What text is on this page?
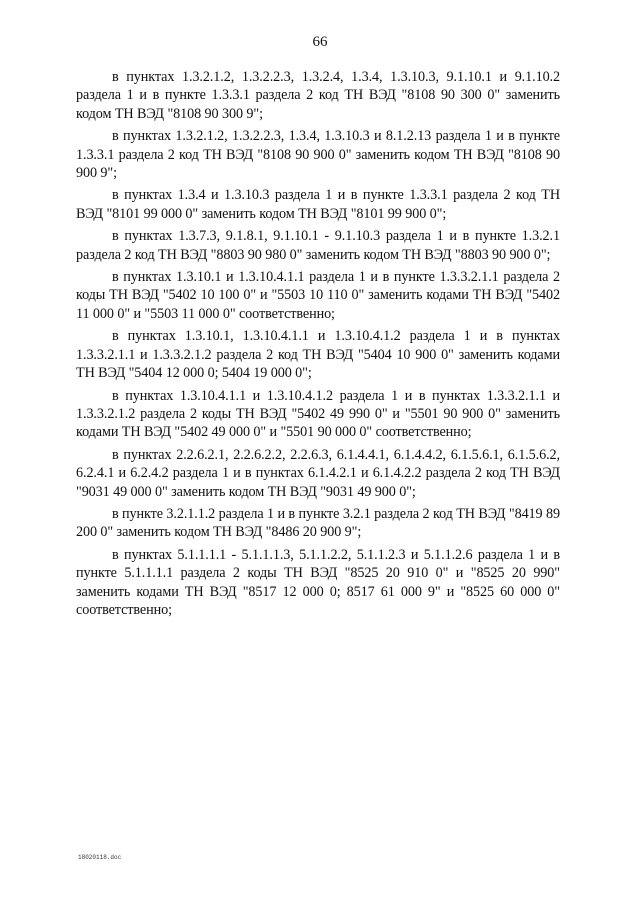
66

в пунктах 1.3.2.1.2, 1.3.2.2.3, 1.3.2.4, 1.3.4, 1.3.10.3, 9.1.10.1 и 9.1.10.2 раздела 1 и в пункте 1.3.3.1 раздела 2 код ТН ВЭД "8108 90 300 0" заменить кодом ТН ВЭД "8108 90 300 9";

в пунктах 1.3.2.1.2, 1.3.2.2.3, 1.3.4, 1.3.10.3 и 8.1.2.13 раздела 1 и в пункте 1.3.3.1 раздела 2 код ТН ВЭД "8108 90 900 0" заменить кодом ТН ВЭД "8108 90 900 9";

в пунктах 1.3.4 и 1.3.10.3 раздела 1 и в пункте 1.3.3.1 раздела 2 код ТН ВЭД "8101 99 000 0" заменить кодом ТН ВЭД "8101 99 900 0";

в пунктах 1.3.7.3, 9.1.8.1, 9.1.10.1 - 9.1.10.3 раздела 1 и в пункте 1.3.2.1 раздела 2 код ТН ВЭД "8803 90 980 0" заменить кодом ТН ВЭД "8803 90 900 0";

в пунктах 1.3.10.1 и 1.3.10.4.1.1 раздела 1 и в пункте 1.3.3.2.1.1 раздела 2 коды ТН ВЭД "5402 10 100 0" и "5503 10 110 0" заменить кодами ТН ВЭД "5402 11 000 0" и "5503 11 000 0" соответственно;

в пунктах 1.3.10.1, 1.3.10.4.1.1 и 1.3.10.4.1.2 раздела 1 и в пунктах 1.3.3.2.1.1 и 1.3.3.2.1.2 раздела 2 код ТН ВЭД "5404 10 900 0" заменить кодами ТН ВЭД "5404 12 000 0; 5404 19 000 0";

в пунктах 1.3.10.4.1.1 и 1.3.10.4.1.2 раздела 1 и в пунктах 1.3.3.2.1.1 и 1.3.3.2.1.2 раздела 2 коды ТН ВЭД "5402 49 990 0" и "5501 90 900 0" заменить кодами ТН ВЭД "5402 49 000 0" и "5501 90 000 0" соответственно;

в пунктах 2.2.6.2.1, 2.2.6.2.2, 2.2.6.3, 6.1.4.4.1, 6.1.4.4.2, 6.1.5.6.1, 6.1.5.6.2, 6.2.4.1 и 6.2.4.2 раздела 1 и в пунктах 6.1.4.2.1 и 6.1.4.2.2 раздела 2 код ТН ВЭД "9031 49 000 0" заменить кодом ТН ВЭД "9031 49 900 0";

в пункте 3.2.1.1.2 раздела 1 и в пункте 3.2.1 раздела 2 код ТН ВЭД "8419 89 200 0" заменить кодом ТН ВЭД "8486 20 900 9";

в пунктах 5.1.1.1.1 - 5.1.1.1.3, 5.1.1.2.2, 5.1.1.2.3 и 5.1.1.2.6 раздела 1 и в пункте 5.1.1.1.1 раздела 2 коды ТН ВЭД "8525 20 910 0" и "8525 20 990" заменить кодами ТН ВЭД "8517 12 000 0; 8517 61 000 9" и "8525 60 000 0" соответственно;

18020118.doc
